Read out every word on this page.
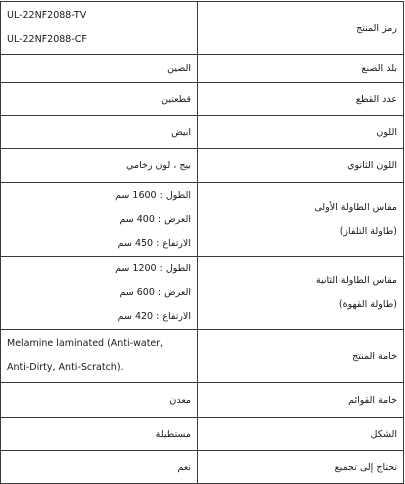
رمز المنتج	UL-22NF2088-TV
UL-22NF2088-CF

بلد الصنع	الصين
عدد القطع	قطعتين
اللون	ابيض
اللون الثانوي	بيج ، لون رخامي

مقاس الطاولة الأولى
(طاولة التلفاز)	الطول : 1600 سم
العرض : 400 سم
الارتفاع : 450 سم

مقاس الطاولة الثانية
(طاولة القهوة)	الطول : 1200 سم
العرض : 600 سم
الارتفاع : 420 سم

خامة المنتج	Melamine laminated (Anti-water,
Anti-Dirty, Anti-Scratch).

خامة القوائم	معدن
الشكل	مستطيلة
تحتاج إلى تجميع	نعم
